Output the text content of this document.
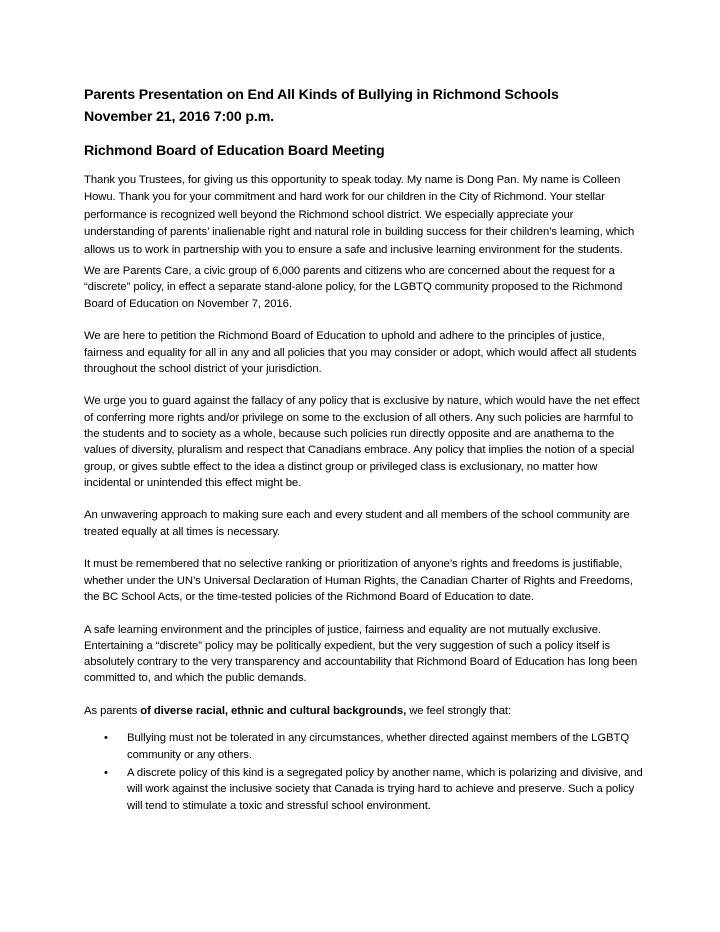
Parents Presentation on End All Kinds of Bullying in Richmond Schools
November 21, 2016 7:00 p.m.
Richmond Board of Education Board Meeting

Thank you Trustees, for giving us this opportunity to speak today. My name is Dong Pan. My name is Colleen Howu. Thank you for your commitment and hard work for our children in the City of Richmond. Your stellar performance is recognized well beyond the Richmond school district. We especially appreciate your understanding of parents’ inalienable right and natural role in building success for their children’s learning, which allows us to work in partnership with you to ensure a safe and inclusive learning environment for the students.

We are Parents Care, a civic group of 6,000 parents and citizens who are concerned about the request for a “discrete” policy, in effect a separate stand-alone policy, for the LGBTQ community proposed to the Richmond Board of Education on November 7, 2016.

We are here to petition the Richmond Board of Education to uphold and adhere to the principles of justice, fairness and equality for all in any and all policies that you may consider or adopt, which would affect all students throughout the school district of your jurisdiction.

We urge you to guard against the fallacy of any policy that is exclusive by nature, which would have the net effect of conferring more rights and/or privilege on some to the exclusion of all others. Any such policies are harmful to the students and to society as a whole, because such policies run directly opposite and are anathema to the values of diversity, pluralism and respect that Canadians embrace. Any policy that implies the notion of a special group, or gives subtle effect to the idea a distinct group or privileged class is exclusionary, no matter how incidental or unintended this effect might be.

An unwavering approach to making sure each and every student and all members of the school community are treated equally at all times is necessary.

It must be remembered that no selective ranking or prioritization of anyone’s rights and freedoms is justifiable, whether under the UN’s Universal Declaration of Human Rights, the Canadian Charter of Rights and Freedoms, the BC School Acts, or the time-tested policies of the Richmond Board of Education to date.

A safe learning environment and the principles of justice, fairness and equality are not mutually exclusive. Entertaining a “discrete” policy may be politically expedient, but the very suggestion of such a policy itself is absolutely contrary to the very transparency and accountability that Richmond Board of Education has long been committed to, and which the public demands.

As parents of diverse racial, ethnic and cultural backgrounds, we feel strongly that:

• Bullying must not be tolerated in any circumstances, whether directed against members of the LGBTQ community or any others.
• A discrete policy of this kind is a segregated policy by another name, which is polarizing and divisive, and will work against the inclusive society that Canada is trying hard to achieve and preserve. Such a policy will tend to stimulate a toxic and stressful school environment.
